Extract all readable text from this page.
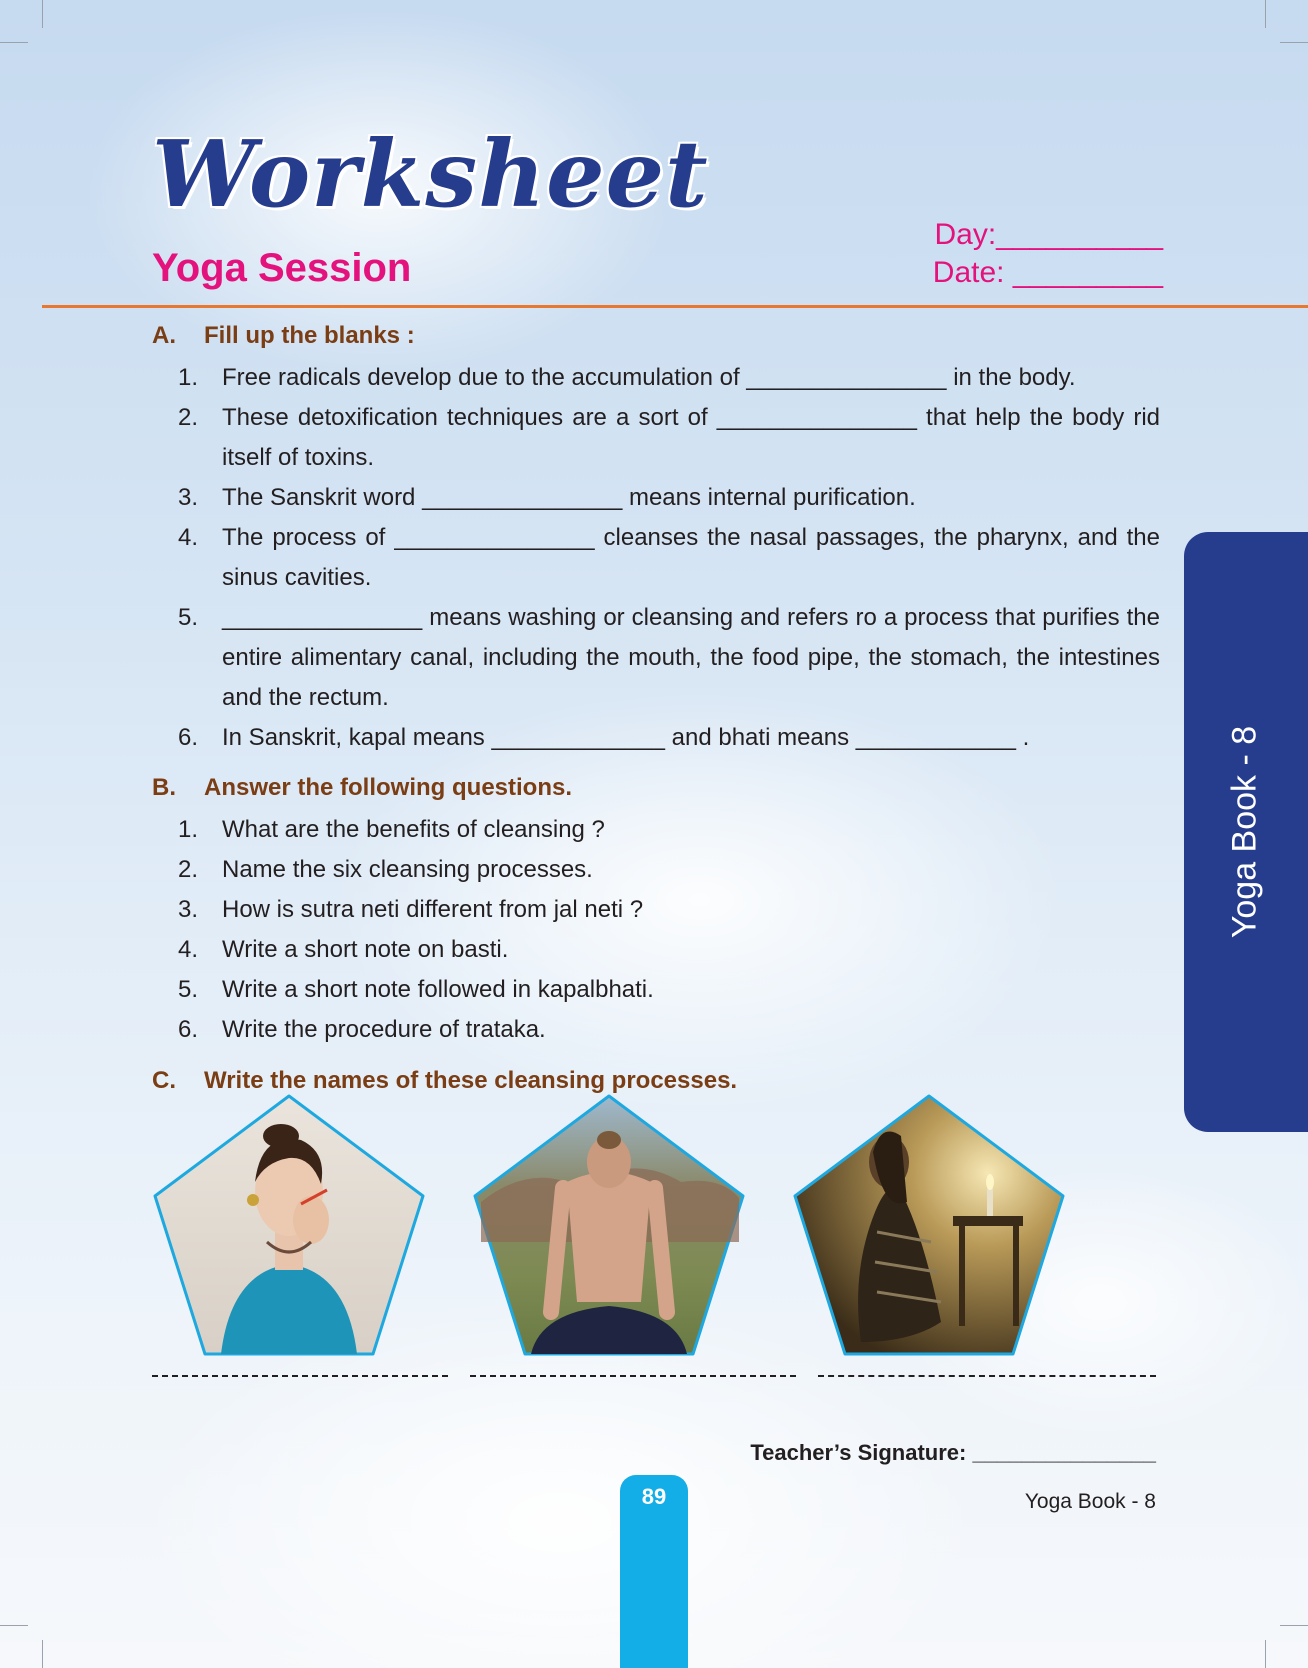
Worksheet
Yoga Session
Day:__________
Date: _________
A. Fill up the blanks :
1. Free radicals develop due to the accumulation of _______________ in the body.
2. These detoxification techniques are a sort of _______________ that help the body rid itself of toxins.
3. The Sanskrit word _______________ means internal purification.
4. The process of _______________ cleanses the nasal passages, the pharynx, and the sinus cavities.
5. _______________ means washing or cleansing and refers ro a process that purifies the entire alimentary canal, including the mouth, the food pipe, the stomach, the intestines and the rectum.
6. In Sanskrit, kapal means _____________ and bhati means ____________ .
B. Answer the following questions.
1. What are the benefits of cleansing ?
2. Name the six cleansing processes.
3. How is sutra neti different from jal neti ?
4. Write a short note on basti.
5. Write a short note followed in kapalbhati.
6. Write the procedure of trataka.
C. Write the names of these cleansing processes.
Teacher’s Signature: _______________
Yoga Book - 8
89	Yoga Book - 8
